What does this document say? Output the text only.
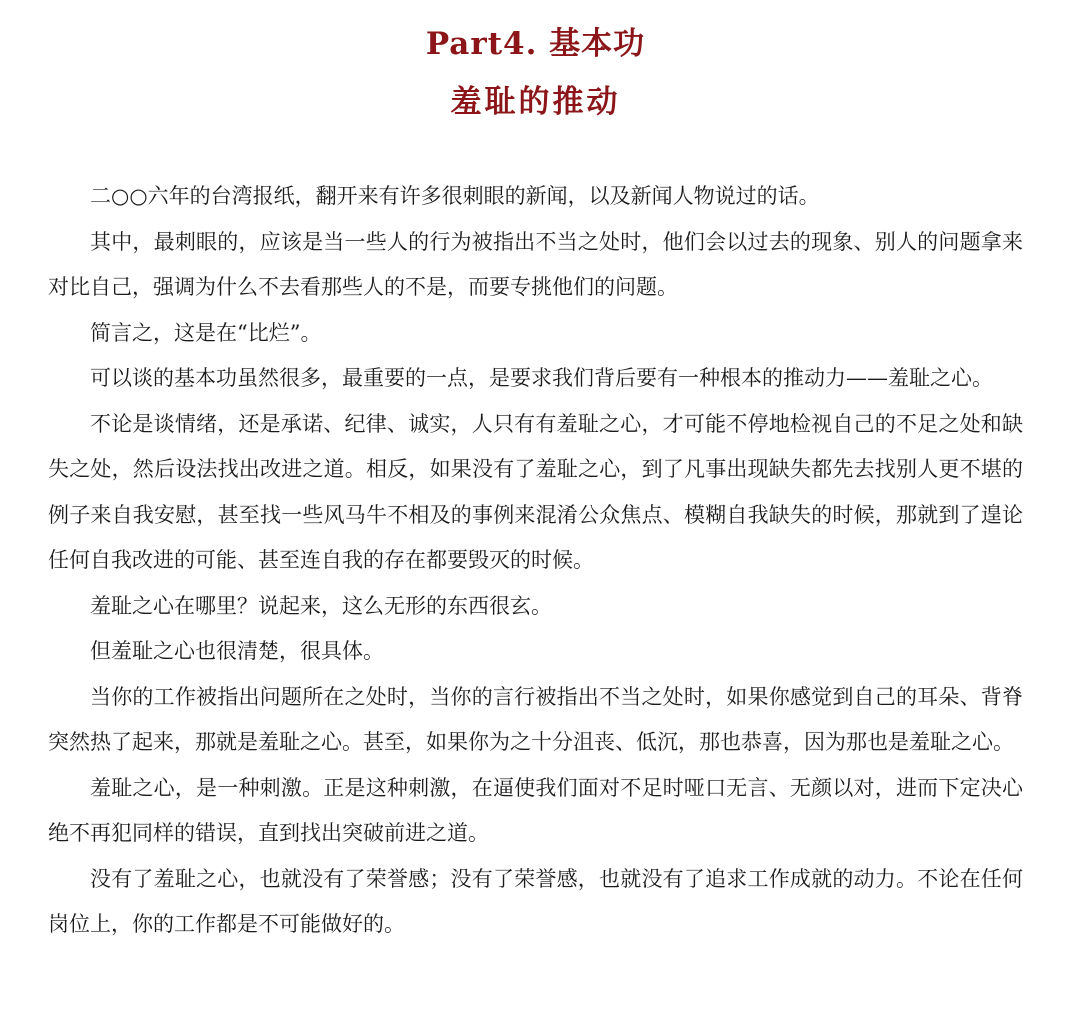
Part4. 基本功
羞耻的推动

二○○六年的台湾报纸，翻开来有许多很刺眼的新闻，以及新闻人物说过的话。

其中，最刺眼的，应该是当一些人的行为被指出不当之处时，他们会以过去的现象、别人的问题拿来对比自己，强调为什么不去看那些人的不是，而要专挑他们的问题。

简言之，这是在“比烂”。

可以谈的基本功虽然很多，最重要的一点，是要求我们背后要有一种根本的推动力——羞耻之心。

不论是谈情绪，还是承诺、纪律、诚实，人只有有羞耻之心，才可能不停地检视自己的不足之处和缺失之处，然后设法找出改进之道。相反，如果没有了羞耻之心，到了凡事出现缺失都先去找别人更不堪的例子来自我安慰，甚至找一些风马牛不相及的事例来混淆公众焦点、模糊自我缺失的时候，那就到了遑论任何自我改进的可能、甚至连自我的存在都要毁灭的时候。

羞耻之心在哪里？说起来，这么无形的东西很玄。

但羞耻之心也很清楚，很具体。

当你的工作被指出问题所在之处时，当你的言行被指出不当之处时，如果你感觉到自己的耳朵、背脊突然热了起来，那就是羞耻之心。甚至，如果你为之十分沮丧、低沉，那也恭喜，因为那也是羞耻之心。

羞耻之心，是一种刺激。正是这种刺激，在逼使我们面对不足时哑口无言、无颜以对，进而下定决心绝不再犯同样的错误，直到找出突破前进之道。

没有了羞耻之心，也就没有了荣誉感；没有了荣誉感，也就没有了追求工作成就的动力。不论在任何岗位上，你的工作都是不可能做好的。
